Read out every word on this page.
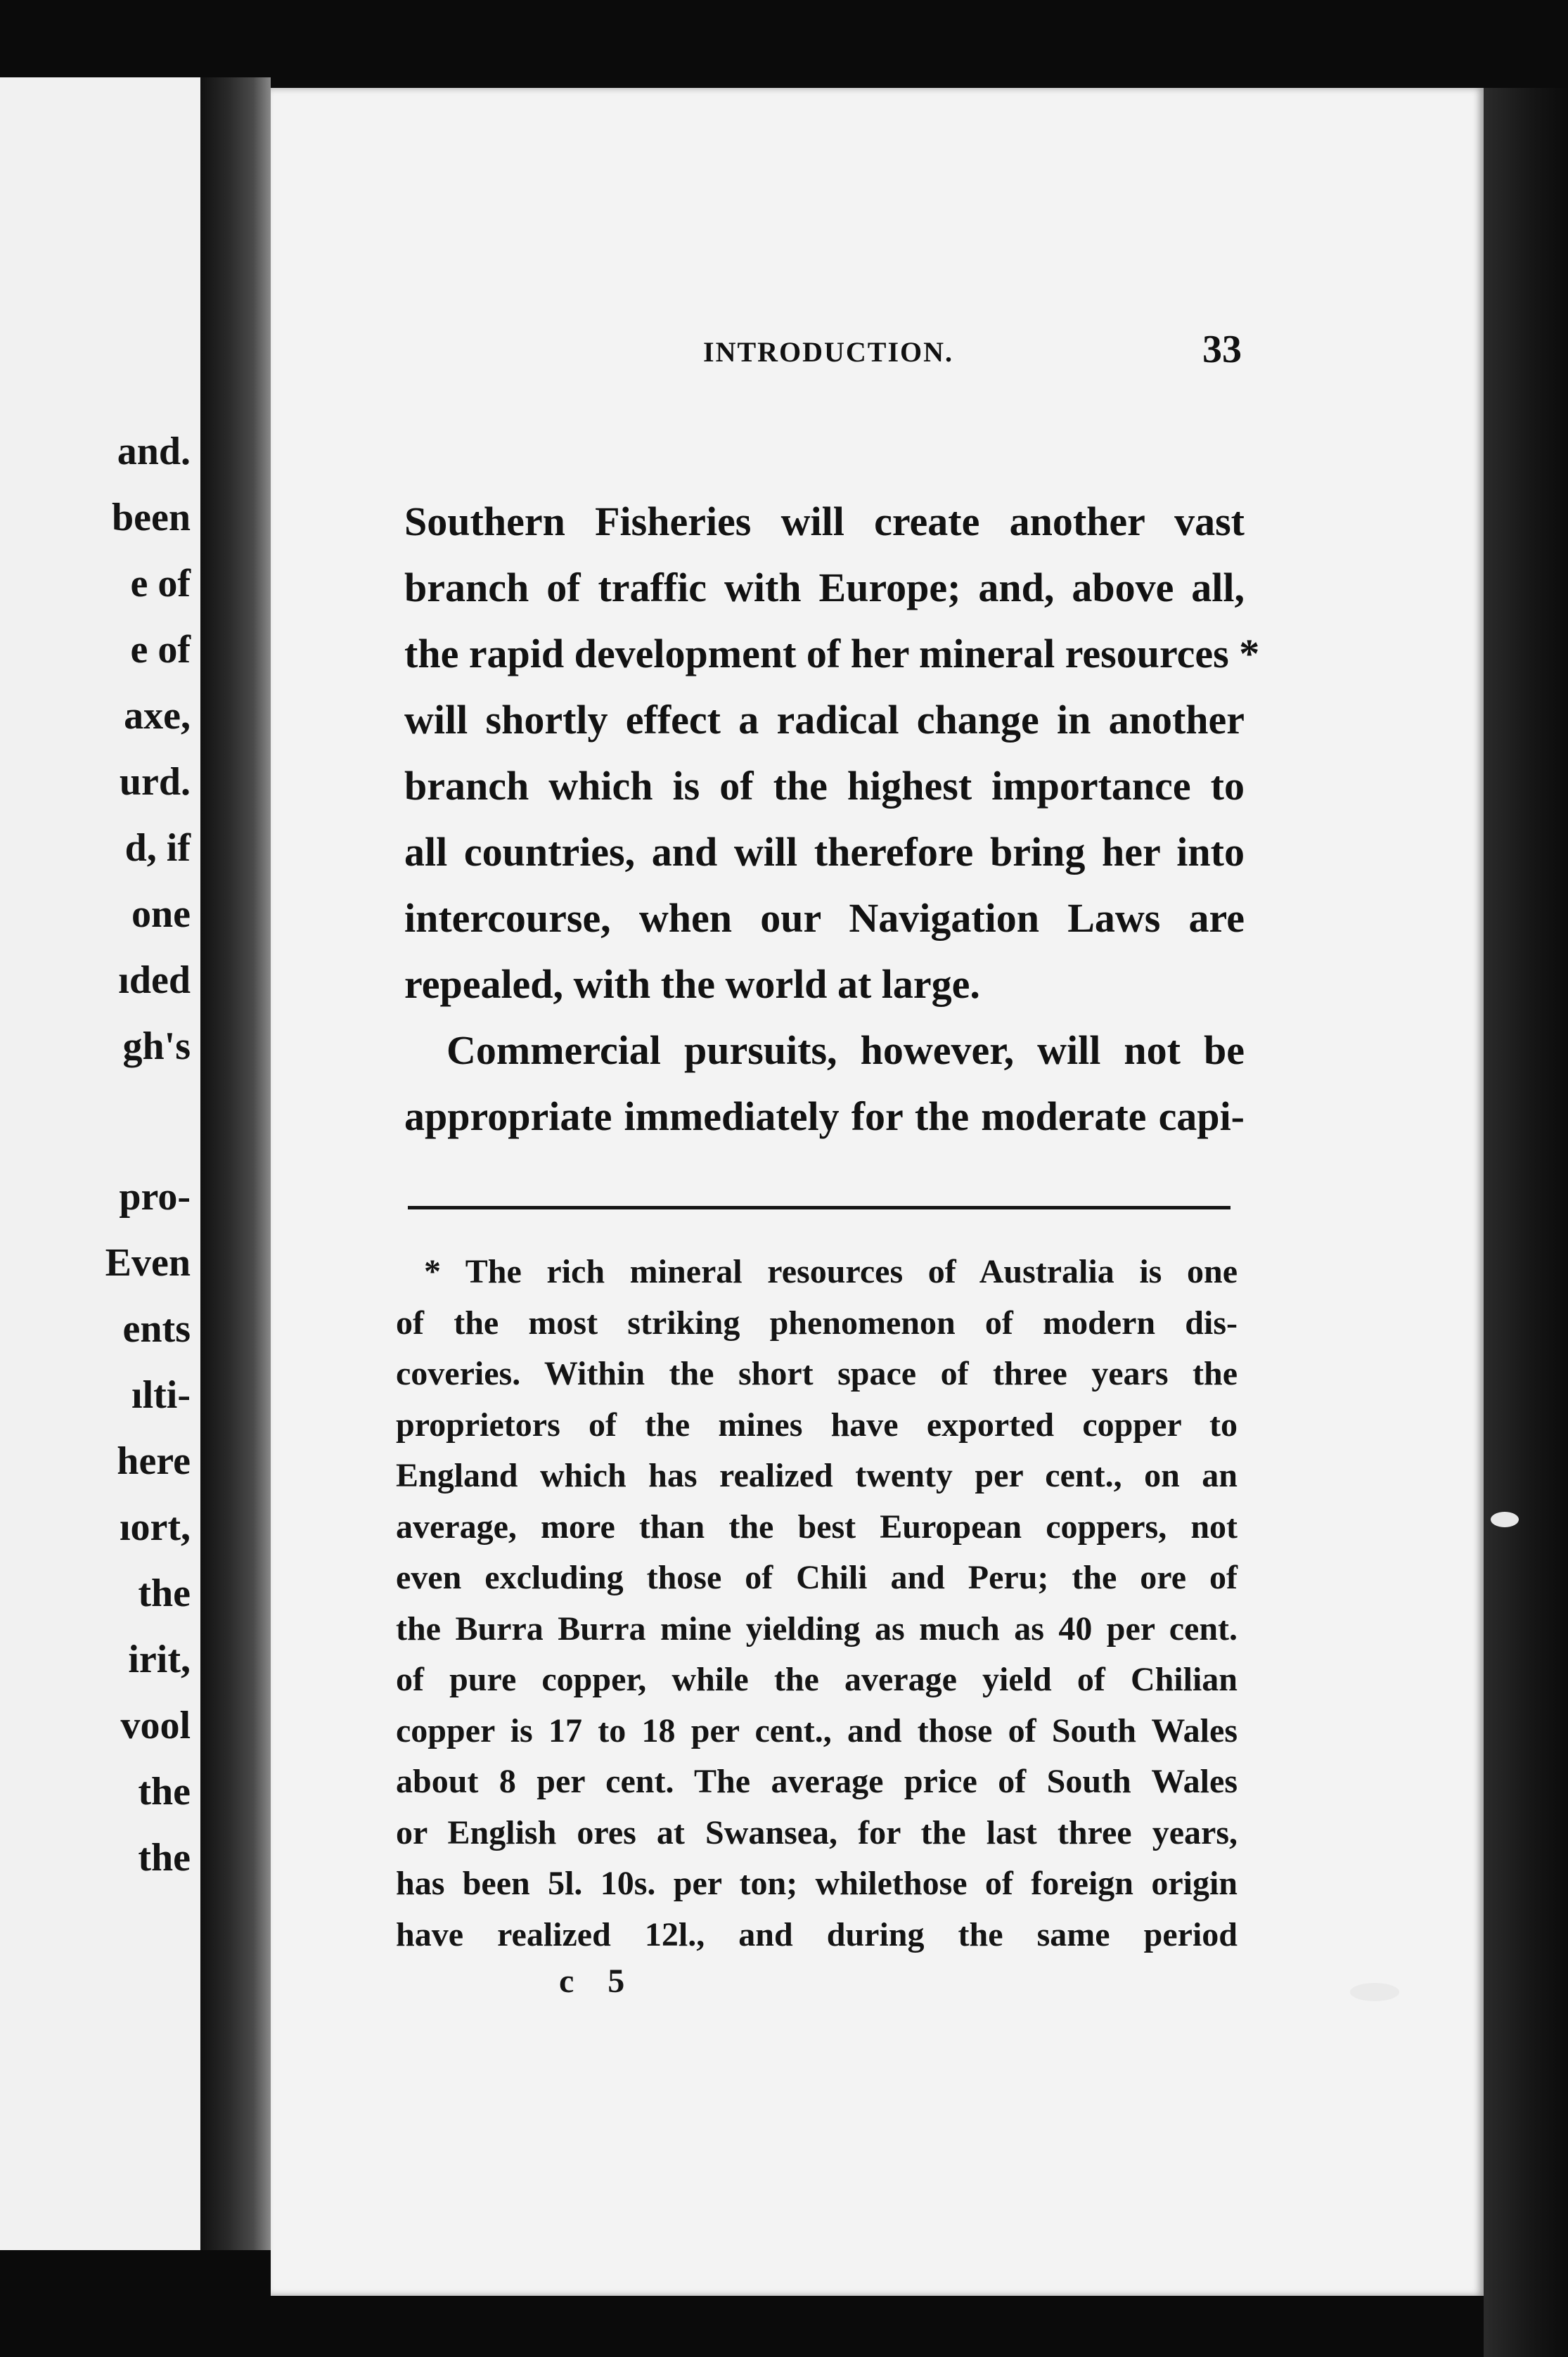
and.
been
e of
e of
axe,
urd.
d, if
one
ıded
gh's
pro-
Even
ents
ılti-
here
ıort,
the
irit,
vool
the
the
INTRODUCTION.	33
Southern Fisheries will create another vast
branch of traffic with Europe; and, above all,
the rapid development of her mineral resources *
will shortly effect a radical change in another
branch which is of the highest importance to
all countries, and will therefore bring her into
intercourse, when our Navigation Laws are
repealed, with the world at large.
Commercial pursuits, however, will not be
appropriate immediately for the moderate capi-
* The rich mineral resources of Australia is one
of the most striking phenomenon of modern dis-
coveries. Within the short space of three years the
proprietors of the mines have exported copper to
England which has realized twenty per cent., on an
average, more than the best European coppers, not
even excluding those of Chili and Peru; the ore of
the Burra Burra mine yielding as much as 40 per cent.
of pure copper, while the average yield of Chilian
copper is 17 to 18 per cent., and those of South Wales
about 8 per cent. The average price of South Wales
or English ores at Swansea, for the last three years,
has been 5l. 10s. per ton; whilethose of foreign origin
have realized 12l., and during the same period
c 5
